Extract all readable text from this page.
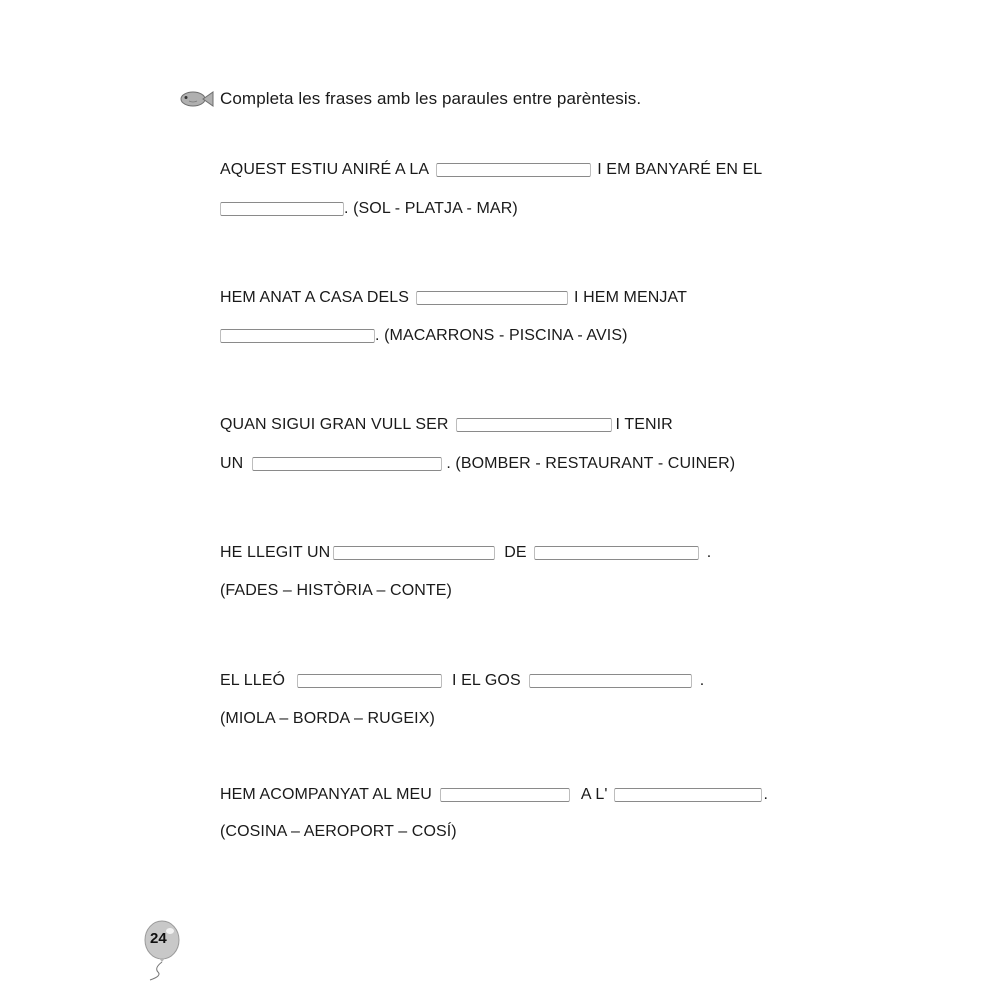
Completa les frases amb les paraules entre parèntesis.
AQUEST ESTIU ANIRÉ A LA	I EM BANYARÉ EN EL
. (SOL - PLATJA - MAR)
HEM ANAT A CASA DELS	I HEM MENJAT
. (MACARRONS - PISCINA - AVIS)
QUAN SIGUI GRAN VULL SER	I TENIR
UN	. (BOMBER - RESTAURANT - CUINER)
HE LLEGIT UN	DE	.
(FADES – HISTÒRIA – CONTE)
EL LLEÓ	I EL GOS	.
(MIOLA – BORDA – RUGEIX)
HEM ACOMPANYAT AL MEU	A L'	.
(COSINA – AEROPORT – COSÍ)
24
